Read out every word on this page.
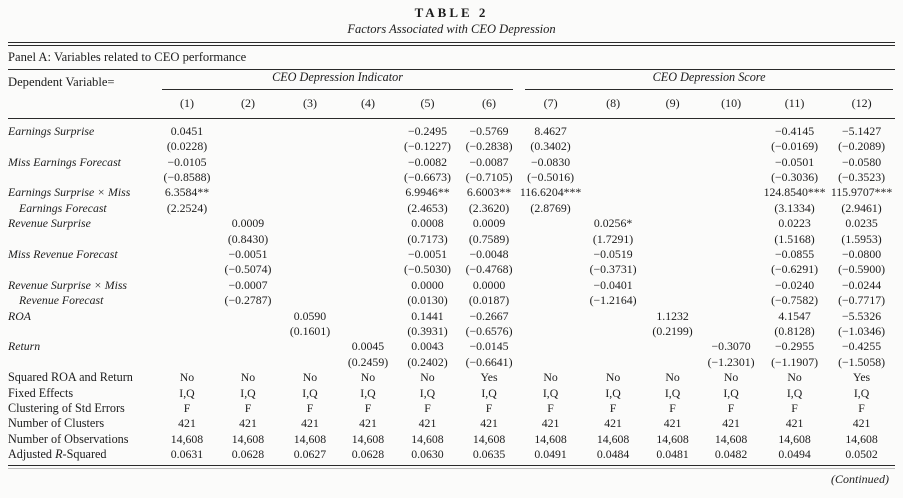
TABLE 2
Factors Associated with CEO Depression
Panel A: Variables related to CEO performance
Dependent Variable=	CEO Depression Indicator						CEO Depression Score					

	(1)	(2)	(3)	(4)	(5)	(6)	(7)	(8)	(9)	(10)	(11)	(12)
Earnings Surprise	0.0451				−0.2495	−0.5769	8.4627				−0.4145	−5.1427
	(0.0228)				(−0.1227)	(−0.2838)	(0.3402)				(−0.0169)	(−0.2089)
Miss Earnings Forecast	−0.0105				−0.0082	−0.0087	−0.0830				−0.0501	−0.0580
	(−0.8588)				(−0.6673)	(−0.7105)	(−0.5016)				(−0.3036)	(−0.3523)
Earnings Surprise × Miss	6.3584**				6.9946**	6.6003**	116.6204***				124.8540***	115.9707***
Earnings Forecast	(2.2524)				(2.4653)	(2.3620)	(2.8769)				(3.1334)	(2.9461)
Revenue Surprise		0.0009			0.0008	0.0009		0.0256*			0.0223	0.0235
		(0.8430)			(0.7173)	(0.7589)		(1.7291)			(1.5168)	(1.5953)
Miss Revenue Forecast		−0.0051			−0.0051	−0.0048		−0.0519			−0.0855	−0.0800
		(−0.5074)			(−0.5030)	(−0.4768)		(−0.3731)			(−0.6291)	(−0.5900)
Revenue Surprise × Miss		−0.0007			0.0000	0.0000		−0.0401			−0.0240	−0.0244
Revenue Forecast		(−0.2787)			(0.0130)	(0.0187)		(−1.2164)			(−0.7582)	(−0.7717)
ROA			0.0590		0.1441	−0.2667			1.1232		4.1547	−5.5326
			(0.1601)		(0.3931)	(−0.6576)			(0.2199)		(0.8128)	(−1.0346)
Return				0.0045	0.0043	−0.0145				−0.3070	−0.2955	−0.4255
				(0.2459)	(0.2402)	(−0.6641)				(−1.2301)	(−1.1907)	(−1.5058)
Squared ROA and Return	No	No	No	No	No	Yes	No	No	No	No	No	Yes
Fixed Effects	I,Q	I,Q	I,Q	I,Q	I,Q	I,Q	I,Q	I,Q	I,Q	I,Q	I,Q	I,Q
Clustering of Std Errors	F	F	F	F	F	F	F	F	F	F	F	F
Number of Clusters	421	421	421	421	421	421	421	421	421	421	421	421
Number of Observations	14,608	14,608	14,608	14,608	14,608	14,608	14,608	14,608	14,608	14,608	14,608	14,608
Adjusted R-Squared	0.0631	0.0628	0.0627	0.0628	0.0630	0.0635	0.0491	0.0484	0.0481	0.0482	0.0494	0.0502
(Continued)
